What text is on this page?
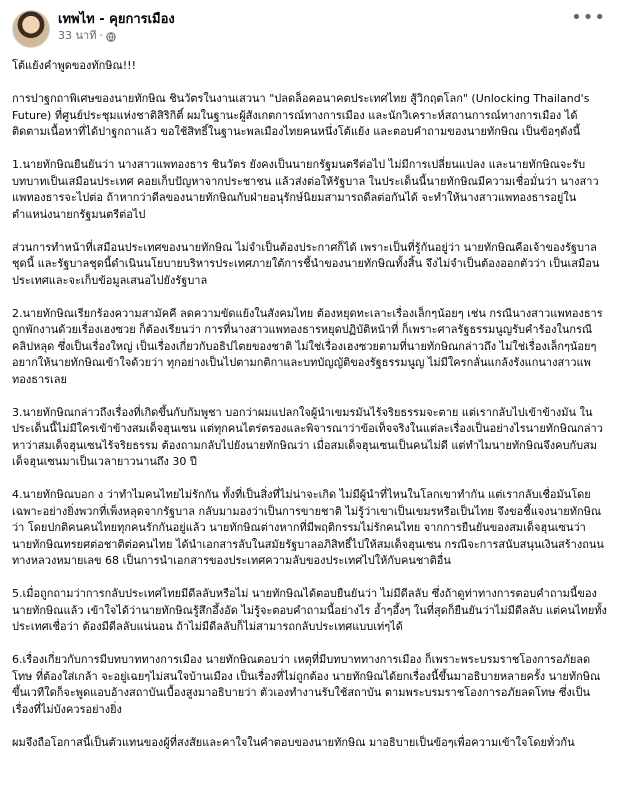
เทพไท - คุยการเมือง
33 นาที ·
•••

โต้แย้งคำพูดของทักษิณ!!!

การปาฐกถาพิเศษของนายทักษิณ ชินวัตรในงานเสวนา "ปลดล็อคอนาคตประเทศไทย สู้วิกฤตโลก" (Unlocking Thailand's Future) ที่ศูนย์ประชุมแห่งชาติสิริกิติ์ ผมในฐานะผู้สังเกตการณ์ทางการเมือง และนักวิเคราะห์สถานการณ์ทางการเมือง ได้ติดตามเนื้อหาที่ได้ปาฐกถาแล้ว ขอใช้สิทธิ์ในฐานะพลเมืองไทยคนหนึ่งโต้แย้ง และตอบคำถามของนายทักษิณ เป็นข้อๆดังนี้

1.นายทักษิณยืนยันว่า นางสาวแพทองธาร ชินวัตร ยังคงเป็นนายกรัฐมนตรีต่อไป ไม่มีการเปลี่ยนแปลง และนายทักษิณจะรับบทบาทเป็นเสมือนประเทศ คอยเก็บปัญหาจากประชาชน แล้วส่งต่อให้รัฐบาล ในประเด็นนี้นายทักษิณมีความเชื่อมั่นว่า นางสาวแพทองธารจะไปต่อ ถ้าหากว่าดีลของนายทักษิณกับฝ่ายอนุรักษ์นิยมสามารถดีลต่อกันได้ จะทำให้นางสาวแพทองธารอยู่ในตำแหน่งนายกรัฐมนตรีต่อไป

ส่วนการทำหน้าที่เสมือนประเทศของนายทักษิณ ไม่จำเป็นต้องประกาศก็ได้ เพราะเป็นที่รู้กันอยู่ว่า นายทักษิณคือเจ้าของรัฐบาลชุดนี้ และรัฐบาลชุดนี้ดำเนินนโยบายบริหารประเทศภายใต้การชี้นำของนายทักษิณทั้งสิ้น จึงไม่จำเป็นต้องออกตัวว่า เป็นเสมือนประเทศและจะเก็บข้อมูลเสนอไปยังรัฐบาล

2.นายทักษิณเรียกร้องความสามัคคี ลดความขัดแย้งในสังคมไทย ต้องหยุดทะเลาะเรื่องเล็กๆน้อยๆ เช่น กรณีนางสาวแพทองธารถูกพักงานด้วยเรื่องเฮงซวย ก็ต้องเรียนว่า การที่นางสาวแพทองธารหยุดปฏิบัติหน้าที่ ก็เพราะศาลรัฐธรรมนูญรับคำร้องในกรณีคลิปหลุด ซึ่งเป็นเรื่องใหญ่ เป็นเรื่องเกี่ยวกับอธิปไตยของชาติ ไม่ใช่เรื่องเฮงซวยตามที่นายทักษิณกล่าวถึง ไม่ใช่เรื่องเล็กๆน้อยๆ อยากให้นายทักษิณเข้าใจด้วยว่า ทุกอย่างเป็นไปตามกติกาและบทบัญญัติของรัฐธรรมนูญ ไม่มีใครกลั่นแกล้งรังแกนางสาวแพทองธารเลย

3.นายทักษิณกล่าวถึงเรื่องที่เกิดขึ้นกับกัมพูชา บอกว่าผมแปลกใจผู้นำเขมรมันไร้จริยธรรมจะตาย แต่เรากลับไปเข้าข้างมัน ในประเด็นนี้ไม่มีใครเข้าข้างสมเด็จฮุนเซน แต่ทุกคนไตร่ตรองและพิจารณาว่าข้อเท็จจริงในแต่ละเรื่องเป็นอย่างไรนายทักษิณกล่าวหาว่าสมเด็จฮุนเซนไร้จริยธรรม ต้องถามกลับไปยังนายทักษิณว่า เมื่อสมเด็จฮุนเซนเป็นคนไม่ดี แต่ทำไมนายทักษิณจึงคบกับสมเด็จฮุนเซนมาเป็นเวลายาวนานถึง 30 ปี

4.นายทักษิณบอก ง ว่าทำไมคนไทยไม่รักกัน ทั้งที่เป็นสิ่งที่ไม่น่าจะเกิด ไม่มีผู้นำที่ไหนในโลกเขาทำกัน แต่เรากลับเชื่อมันโดยเฉพาะอย่างยิ่งพวกที่เพ็งหลุดจากรัฐบาล กลับมามองว่าเป็นการขายชาติ ไม่รู้ว่าเขาเป็นเขมรหรือเป็นไทย จึงขอชี้แจงนายทักษิณว่า โดยปกติคนคนไทยทุกคนรักกันอยู่แล้ว นายทักษิณต่างหากที่มีพฤติกรรมไม่รักคนไทย จากการยืนยันของสมเด็จฮุนเซนว่า นายทักษิณทรยศต่อชาติต่อคนไทย ได้นำเอกสารลับในสมัยรัฐบาลอภิสิทธิ์ไปให้สมเด็จฮุนเซน กรณีจะการสนับสนุนเงินสร้างถนนทางหลวงหมายเลข 68 เป็นการนำเอกสารของประเทศความลับของประเทศไปให้กับคนชาติอื่น

5.เมื่อถูกถามว่าการกลับประเทศไทยมีดีลลับหรือไม่ นายทักษิณได้ตอบยืนยันว่า ไม่มีดีลลับ ซึ่งถ้าดูท่าทางการตอบคำถามนี้ของนายทักษิณแล้ว เข้าใจได้ว่านายทักษิณรู้สึกอึ้งอัด ไม่รู้จะตอบคำถามนี้อย่างไร อ้ำๆอึ้งๆ ในที่สุดก็ยืนยันว่าไม่มีดีลลับ แต่คนไทยทั้งประเทศเชื่อว่า ต้องมีดีลลับแน่นอน ถ้าไม่มีดีลลับก็ไม่สามารถกลับประเทศแบบเท่ๆได้

6.เรื่องเกี่ยวกับการมีบทบาททางการเมือง นายทักษิณตอบว่า เหตุที่มีบทบาททางการเมือง ก็เพราะพระบรมราชโองการอภัยลดโทษ ที่ต้องใส่เกล้า จะอยู่เฉยๆไม่สนใจบ้านเมือง เป็นเรื่องที่ไม่ถูกต้อง นายทักษิณได้ยกเรื่องนี้ขึ้นมาอธิบายหลายครั้ง นายทักษิณขึ้นเวทีใดก็จะพูดแอบอ้างสถาบันเบื้องสูงมาอธิบายว่า ตัวเองทำงานรับใช้สถาบัน ตามพระบรมราชโองการอภัยลดโทษ ซึ่งเป็นเรื่องที่ไม่บังควรอย่างยิ่ง

ผมจึงถือโอกาสนี้เป็นตัวแทนของผู้ที่สงสัยและคาใจในคำตอบของนายทักษิณ มาอธิบายเป็นข้อๆเพื่อความเข้าใจโดยทั่วกัน
